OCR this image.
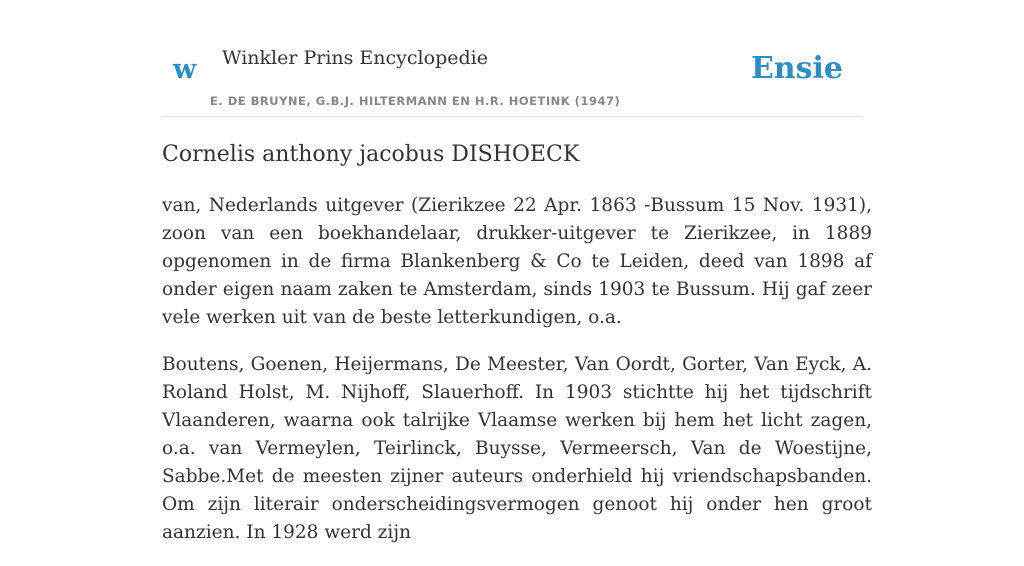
w Winkler Prins Encyclopedie
E. DE BRUYNE, G.B.J. HILTERMANN EN H.R. HOETINK (1947)
Ensie
Cornelis anthony jacobus DISHOECK

van, Nederlands uitgever (Zierikzee 22 Apr. 1863 -Bussum 15 Nov. 1931), zoon van een boekhandelaar, drukker-uitgever te Zierikzee, in 1889 opgenomen in de firma Blankenberg & Co te Leiden, deed van 1898 af onder eigen naam zaken te Amsterdam, sinds 1903 te Bussum. Hij gaf zeer vele werken uit van de beste letterkundigen, o.a.

Boutens, Goenen, Heijermans, De Meester, Van Oordt, Gorter, Van Eyck, A. Roland Holst, M. Nijhoff, Slauerhoff. In 1903 stichtte hij het tijdschrift Vlaanderen, waarna ook talrijke Vlaamse werken bij hem het licht zagen, o.a. van Vermeylen, Teirlinck, Buysse, Vermeersch, Van de Woestijne, Sabbe.Met de meesten zijner auteurs onderhield hij vriendschapsbanden. Om zijn literair onderscheidingsvermogen genoot hij onder hen groot aanzien. In 1928 werd zijn
